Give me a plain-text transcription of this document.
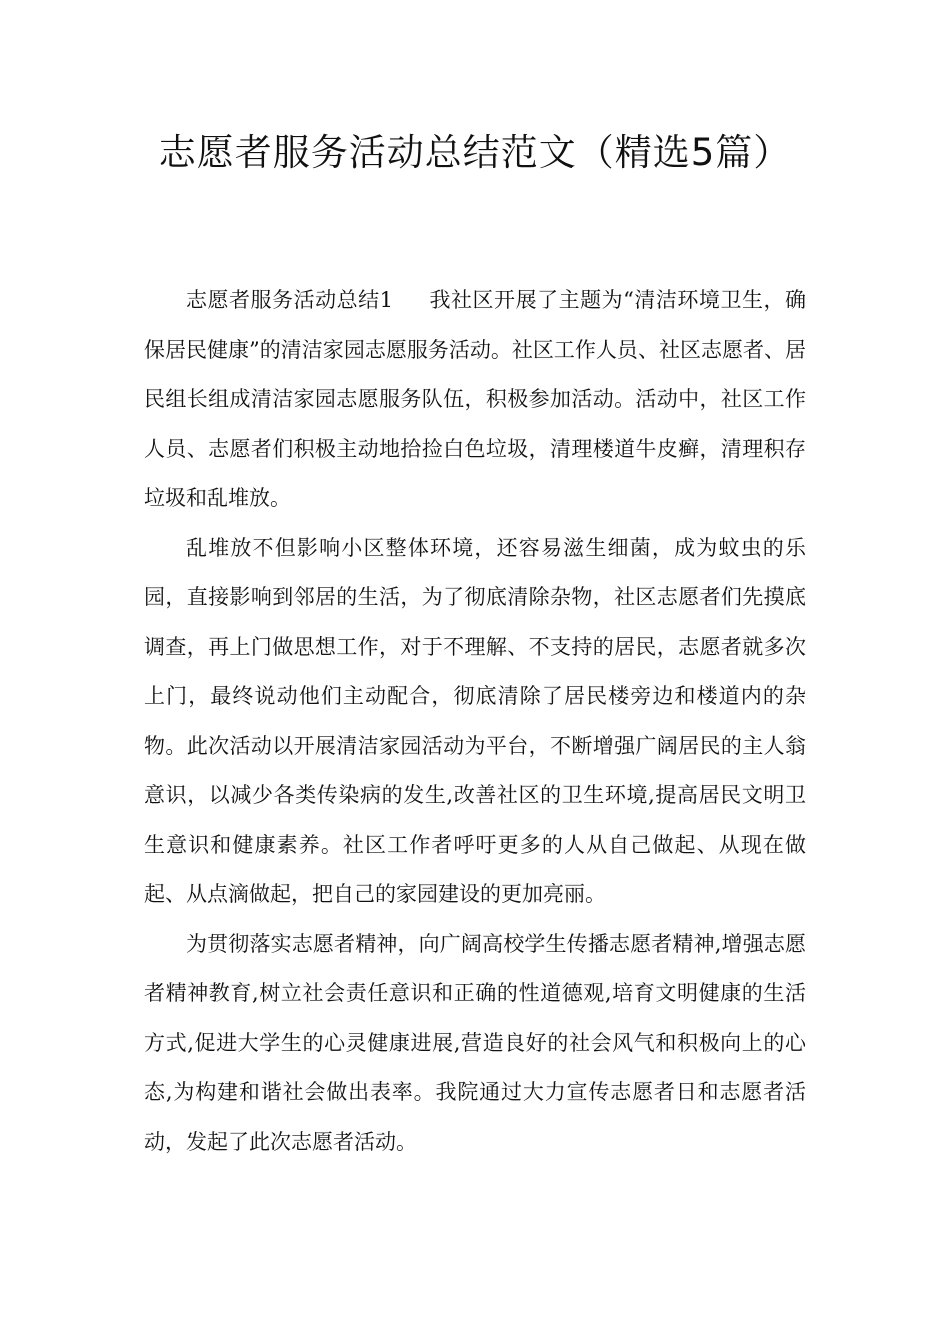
志愿者服务活动总结范文（精选5篇）

志愿者服务活动总结1 我社区开展了主题为“清洁环境卫生，确保居民健康”的清洁家园志愿服务活动。社区工作人员、社区志愿者、居民组长组成清洁家园志愿服务队伍，积极参加活动。活动中，社区工作人员、志愿者们积极主动地拾捡白色垃圾，清理楼道牛皮癣，清理积存垃圾和乱堆放。

乱堆放不但影响小区整体环境，还容易滋生细菌，成为蚊虫的乐园，直接影响到邻居的生活，为了彻底清除杂物，社区志愿者们先摸底调查，再上门做思想工作，对于不理解、不支持的居民，志愿者就多次上门，最终说动他们主动配合，彻底清除了居民楼旁边和楼道内的杂物。此次活动以开展清洁家园活动为平台，不断增强广阔居民的主人翁意识，以减少各类传染病的发生,改善社区的卫生环境,提高居民文明卫生意识和健康素养。社区工作者呼吁更多的人从自己做起、从现在做起、从点滴做起，把自己的家园建设的更加亮丽。

为贯彻落实志愿者精神，向广阔高校学生传播志愿者精神,增强志愿者精神教育,树立社会责任意识和正确的性道德观,培育文明健康的生活方式,促进大学生的心灵健康进展,营造良好的社会风气和积极向上的心态,为构建和谐社会做出表率。我院通过大力宣传志愿者日和志愿者活动，发起了此次志愿者活动。
